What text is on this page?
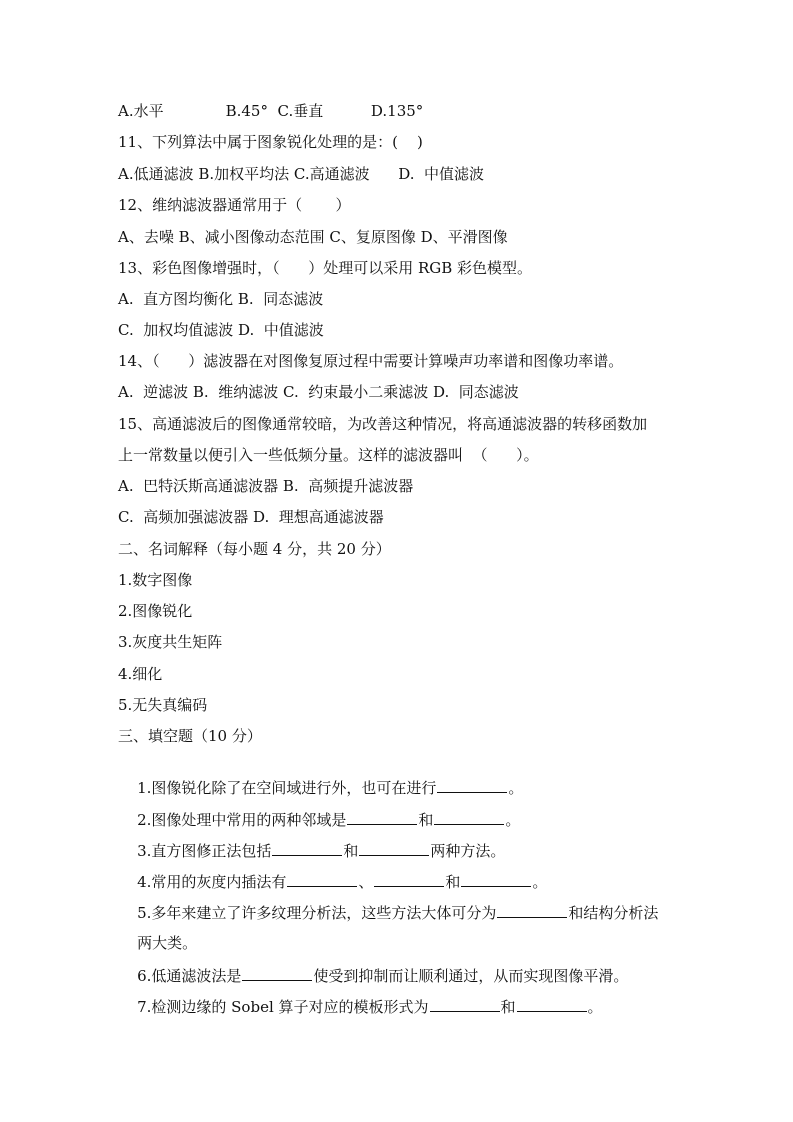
A.水平             B.45°  C.垂直          D.135°
11、下列算法中属于图象锐化处理的是：(    )
A.低通滤波 B.加权平均法 C.高通滤波      D.  中值滤波
12、维纳滤波器通常用于（       ）
A、去噪 B、减小图像动态范围 C、复原图像 D、平滑图像
13、彩色图像增强时，（      ）处理可以采用 RGB 彩色模型。
A.  直方图均衡化 B.  同态滤波
C.  加权均值滤波 D.  中值滤波
14、（      ）滤波器在对图像复原过程中需要计算噪声功率谱和图像功率谱。
A.  逆滤波 B.  维纳滤波 C.  约束最小二乘滤波 D.  同态滤波
15、高通滤波后的图像通常较暗，为改善这种情况，将高通滤波器的转移函数加
上一常数量以便引入一些低频分量。这样的滤波器叫  （      ）。
A.  巴特沃斯高通滤波器 B.  高频提升滤波器
C.  高频加强滤波器 D.  理想高通滤波器
二、名词解释（每小题 4 分，共 20 分）
1.数字图像
2.图像锐化
3.灰度共生矩阵
4.细化
5.无失真编码
三、填空题（10 分）

1.图像锐化除了在空间域进行外，也可在进行	。

2.图像处理中常用的两种邻域是	和	。

3.直方图修正法包括	和	两种方法。

4.常用的灰度内插法有	、	和	。

5.多年来建立了许多纹理分析法，这些方法大体可分为	和结构分析法

两大类。

6.低通滤波法是	使受到抑制而让顺利通过，从而实现图像平滑。

7.检测边缘的 Sobel 算子对应的模板形式为	和	。
